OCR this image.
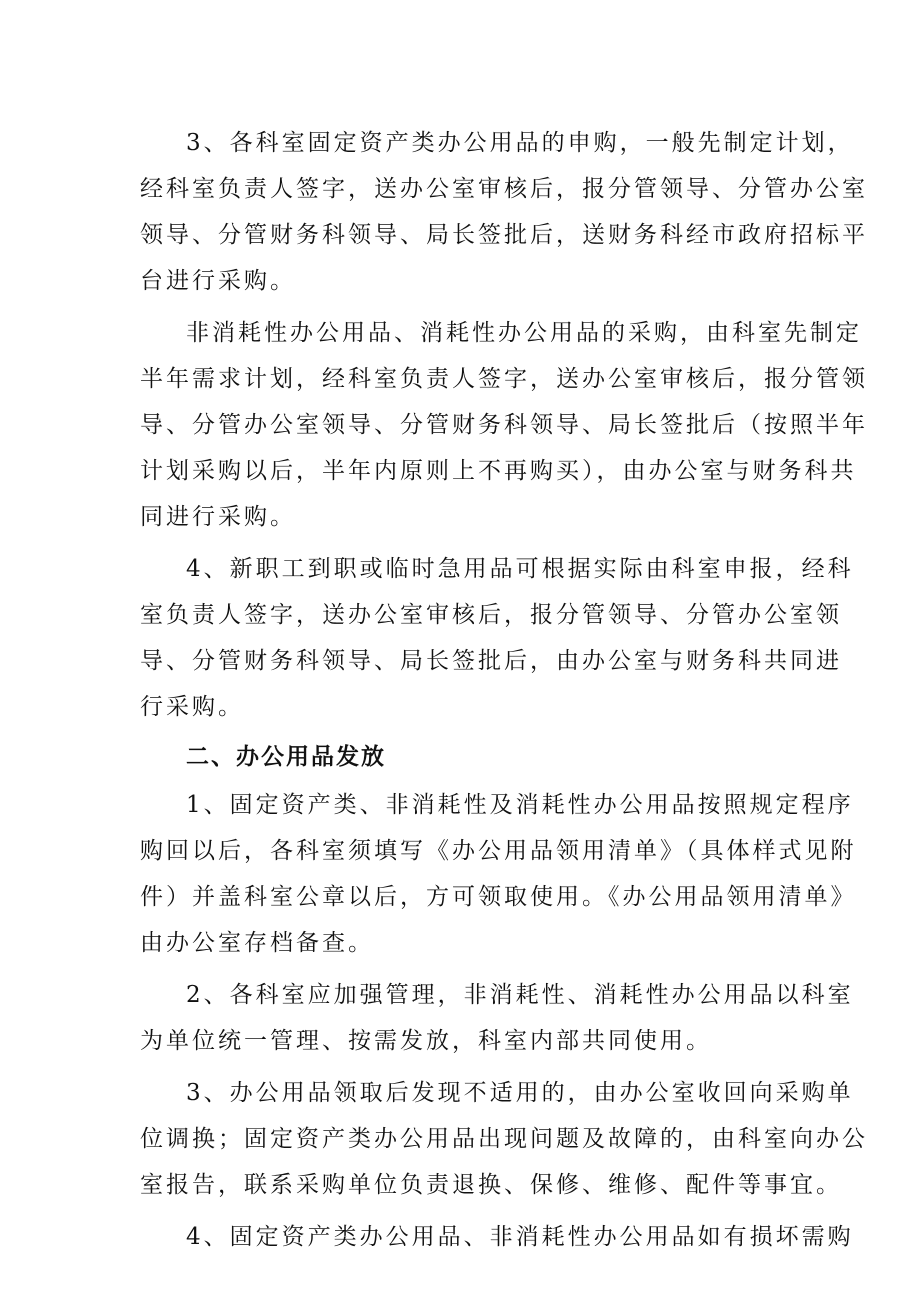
3、各科室固定资产类办公用品的申购，一般先制定计划，
经科室负责人签字，送办公室审核后，报分管领导、分管办公室
领导、分管财务科领导、局长签批后，送财务科经市政府招标平
台进行采购。
非消耗性办公用品、消耗性办公用品的采购，由科室先制定
半年需求计划，经科室负责人签字，送办公室审核后，报分管领
导、分管办公室领导、分管财务科领导、局长签批后（按照半年
计划采购以后，半年内原则上不再购买），由办公室与财务科共
同进行采购。
4、新职工到职或临时急用品可根据实际由科室申报，经科
室负责人签字，送办公室审核后，报分管领导、分管办公室领
导、分管财务科领导、局长签批后，由办公室与财务科共同进
行采购。
二、办公用品发放
1、固定资产类、非消耗性及消耗性办公用品按照规定程序
购回以后，各科室须填写《办公用品领用清单》（具体样式见附
件）并盖科室公章以后，方可领取使用。《办公用品领用清单》
由办公室存档备查。
2、各科室应加强管理，非消耗性、消耗性办公用品以科室
为单位统一管理、按需发放，科室内部共同使用。
3、办公用品领取后发现不适用的，由办公室收回向采购单
位调换；固定资产类办公用品出现问题及故障的，由科室向办公
室报告，联系采购单位负责退换、保修、维修、配件等事宜。
4、固定资产类办公用品、非消耗性办公用品如有损坏需购
